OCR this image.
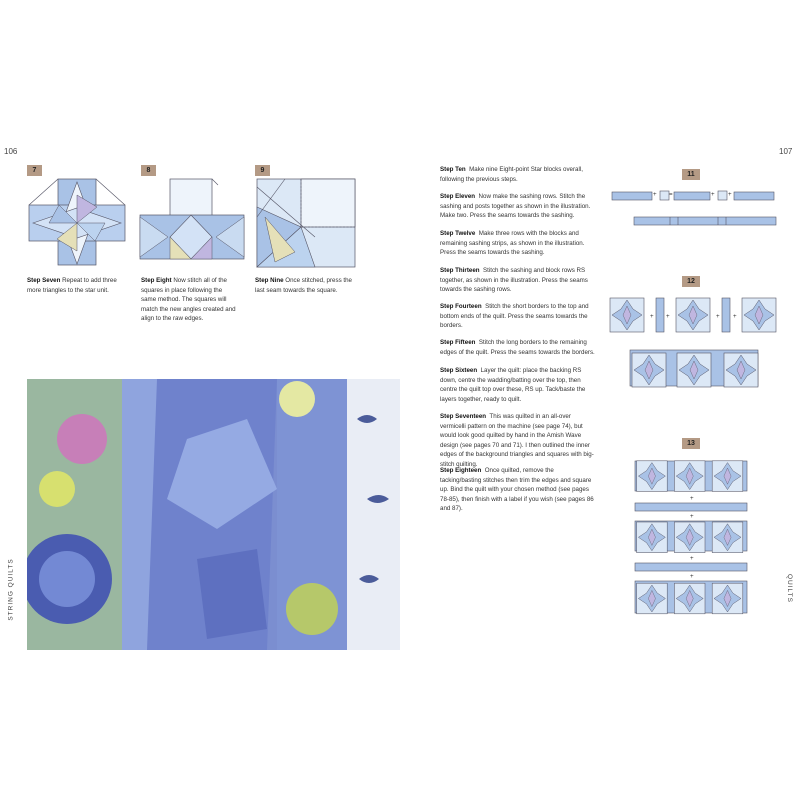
106	107
STRING QUILTS	QUILTS
7
Step Seven Repeat to add three more triangles to the star unit.
8
Step Eight Now stitch all of the squares in place following the same method. The squares will match the new angles created and align to the raw edges.
9
Step Nine Once stitched, press the last seam towards the square.
Step Ten Make nine Eight-point Star blocks overall, following the previous steps.
Step Eleven Now make the sashing rows. Stitch the sashing and posts together as shown in the illustration. Make two. Press the seams towards the sashing.
Step Twelve Make three rows with the blocks and remaining sashing strips, as shown in the illustration. Press the seams towards the sashing.
Step Thirteen Stitch the sashing and block rows RS together, as shown in the illustration. Press the seams towards the sashing rows.
Step Fourteen Stitch the short borders to the top and bottom ends of the quilt. Press the seams towards the borders.
Step Fifteen Stitch the long borders to the remaining edges of the quilt. Press the seams towards the borders.
Step Sixteen Layer the quilt: place the backing RS down, centre the wadding/batting over the top, then centre the quilt top over these, RS up. Tack/baste the layers together, ready to quilt.
Step Seventeen This was quilted in an all-over vermicelli pattern on the machine (see page 74), but would look good quilted by hand in the Amish Wave design (see pages 70 and 71). I then outlined the inner edges of the background triangles and squares with big-stitch quilting.
Step Eighteen Once quilted, remove the tacking/basting stitches then trim the edges and square up. Bind the quilt with your chosen method (see pages 78-85), then finish with a label if you wish (see pages 86 and 87).
11
+ =	+ +
12
+ +	+ +
13
+
+
+
+
